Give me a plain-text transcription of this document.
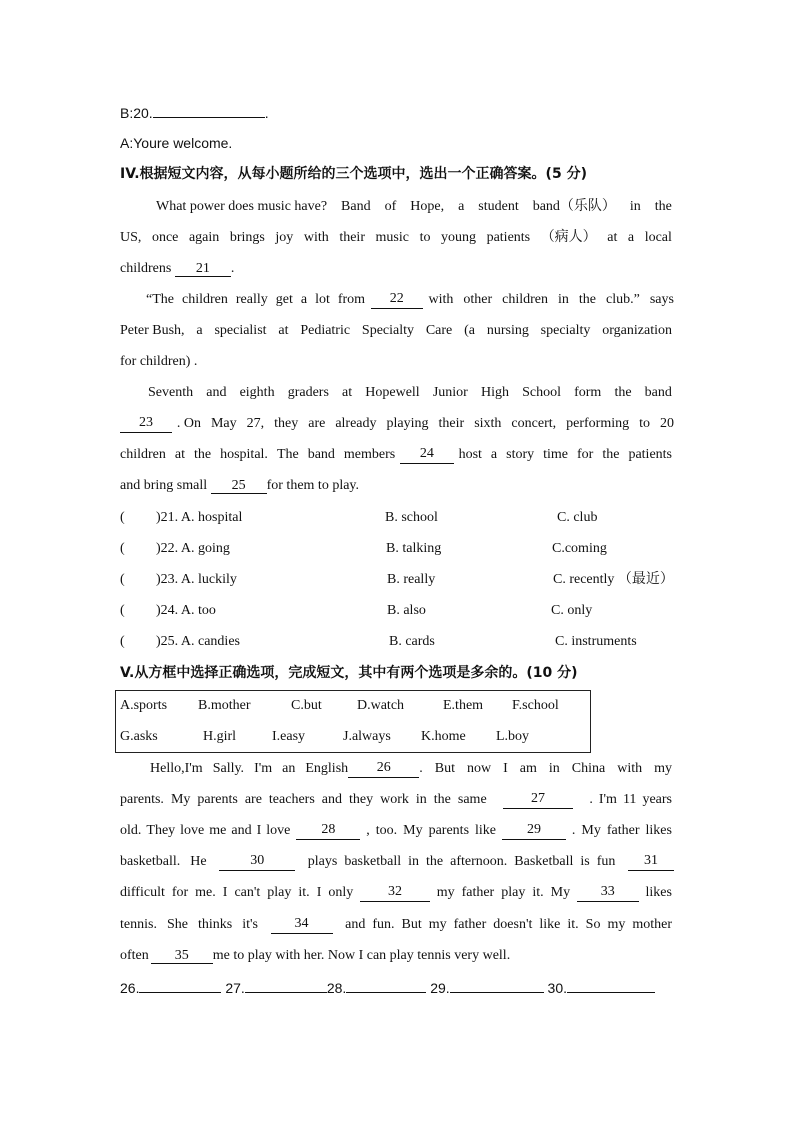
B:20.	.
A:Youre welcome.
IV.根据短文内容，从每小题所给的三个选项中，选出一个正确答案。(5 分)
What power does music have? Band of Hope, a student band（乐队） in the
US, once again brings joy with their music to young patients （病人） at a local
childrens 21 .
“The children really get a lot from	22	with other children in the club.” says
Peter Bush, a specialist at Pediatric Specialty Care (a nursing specialty organization
for children) .
Seventh and eighth graders at Hopewell Junior High School form the band
23	. On May 27, they are already playing their sixth concert, performing to 20
children at the hospital. The band members	24	host a story time for the patients
and bring small 25 for them to play.
( )21. A. hospital	B. school	C. club
( )22. A. going	B. talking	C.coming
( )23. A. luckily	B. really	C. recently （最近）
( )24. A. too	B. also	C. only
( )25. A. candies	B. cards	C. instruments
V.从方框中选择正确选项，完成短文，其中有两个选项是多余的。(10 分)
A.sports B.mother	C.but	D.watch	E.them F.school
G.asks	H.girl	I.easy	J.always K.home L.boy
Hello,I'm Sally. I'm an English	26	. But now I am in China with my
parents. My parents are teachers and they work in the same	27	. I'm 11 years
old. They love me and I love	28	, too. My parents like	29	. My father likes
basketball. He	30	plays basketball in the afternoon. Basketball is fun	31
difficult for me. I can't play it. I only	32	my father play it. My	33	likes
tennis. She thinks it's	34	and fun. But my father doesn't like it. So my mother
often 35 me to play with her. Now I can play tennis very well.
26.	27.	28.	29.	30.
